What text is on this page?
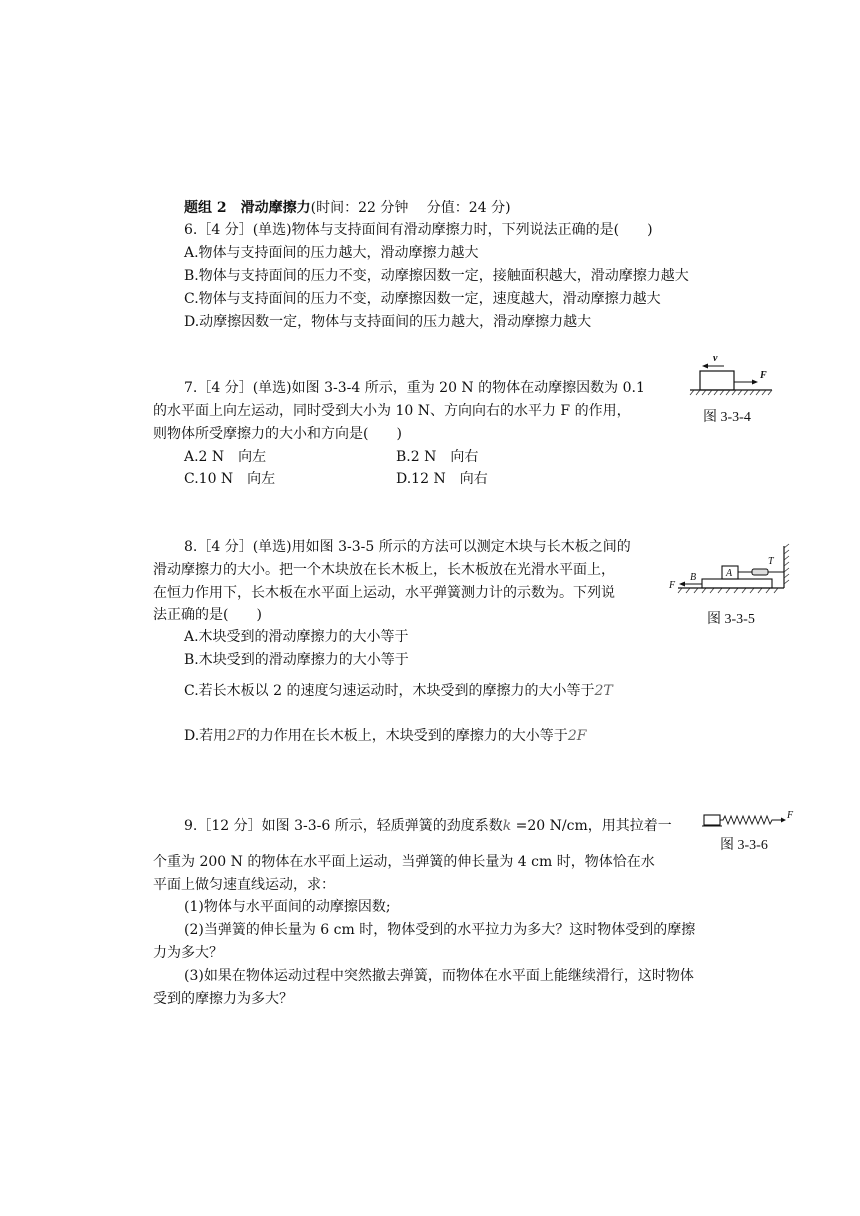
题组 2　滑动摩擦力(时间：22 分钟　 分值：24 分)
6.［4 分］(单选)物体与支持面间有滑动摩擦力时，下列说法正确的是(　　)
A.物体与支持面间的压力越大，滑动摩擦力越大
B.物体与支持面间的压力不变，动摩擦因数一定，接触面积越大，滑动摩擦力越大
C.物体与支持面间的压力不变，动摩擦因数一定，速度越大，滑动摩擦力越大
D.动摩擦因数一定，物体与支持面间的压力越大，滑动摩擦力越大
7.［4 分］(单选)如图 3-3-4 所示，重为 20 N 的物体在动摩擦因数为 0.1
的水平面上向左运动，同时受到大小为 10 N、方向向右的水平力 F 的作用，
则物体所受摩擦力的大小和方向是(　　)
A.2 N　向左	B.2 N　向右
C.10 N　向左	D.12 N　向右
v
F
图 3-3-4
8.［4 分］(单选)用如图 3-3-5 所示的方法可以测定木块与长木板之间的
滑动摩擦力的大小。把一个木块放在长木板上，长木板放在光滑水平面上，
在恒力作用下，长木板在水平面上运动，水平弹簧测力计的示数为。下列说
法正确的是(　　)
A.木块受到的滑动摩擦力的大小等于
B.木块受到的滑动摩擦力的大小等于
C.若长木板以 2 的速度匀速运动时，木块受到的摩擦力的大小等于2T
D.若用2F的力作用在长木板上，木块受到的摩擦力的大小等于2F
A
T
B
F
图 3-3-5
9.［12 分］如图 3-3-6 所示，轻质弹簧的劲度系数k =20 N/cm，用其拉着一
个重为 200 N 的物体在水平面上运动，当弹簧的伸长量为 4 cm 时，物体恰在水
平面上做匀速直线运动，求：
(1)物体与水平面间的动摩擦因数;
(2)当弹簧的伸长量为 6 cm 时，物体受到的水平拉力为多大？这时物体受到的摩擦
力为多大？
(3)如果在物体运动过程中突然撤去弹簧，而物体在水平面上能继续滑行，这时物体
受到的摩擦力为多大？
F
图 3-3-6
